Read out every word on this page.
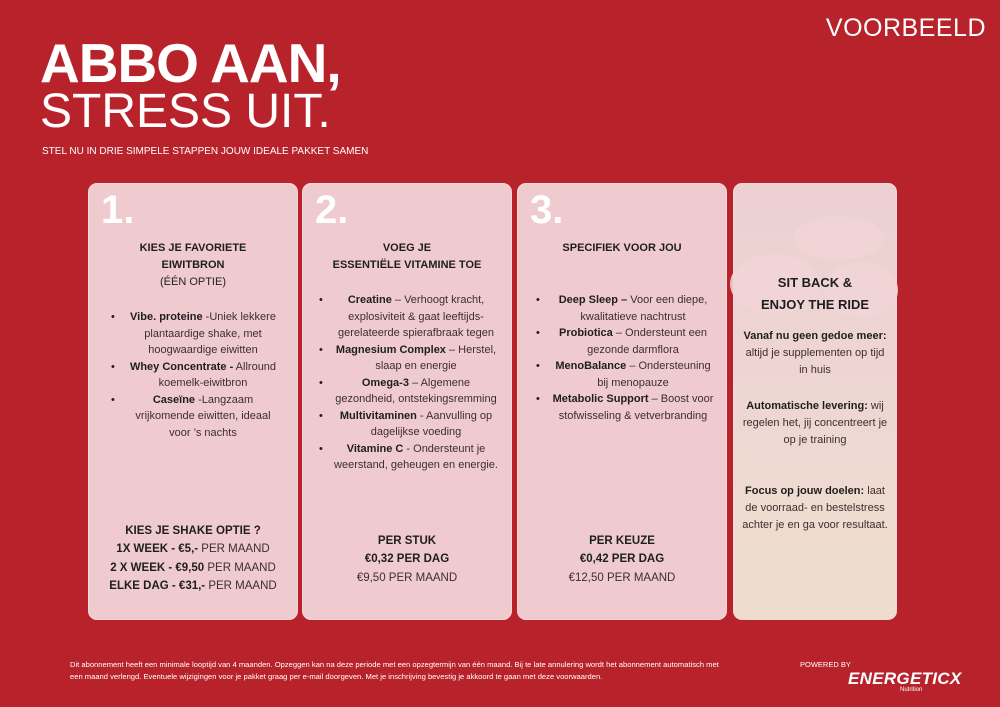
VOORBEELD
ABBO AAN,
STRESS UIT.
STEL NU IN DRIE SIMPELE STAPPEN JOUW IDEALE PAKKET SAMEN
1.
KIES JE FAVORIETE
EIWITBRON
(ÉÉN OPTIE)
• Vibe. proteine -Uniek lekkere plantaardige shake, met hoogwaardige eiwitten
• Whey Concentrate - Allround koemelk-eiwitbron
• Caseïne -Langzaam vrijkomende eiwitten, ideaal voor ’s nachts
KIES JE SHAKE OPTIE ?
1X WEEK - €5,- PER MAAND
2 X WEEK - €9,50 PER MAAND
ELKE DAG - €31,- PER MAAND
2.
VOEG JE
ESSENTIËLE VITAMINE TOE
• Creatine – Verhoogt kracht, explosiviteit & gaat leeftijds-gerelateerde spierafbraak tegen
• Magnesium Complex – Herstel, slaap en energie
• Omega-3 – Algemene gezondheid, ontstekingsremming
• Multivitaminen - Aanvulling op dagelijkse voeding
• Vitamine C - Ondersteunt je weerstand, geheugen en energie.
PER STUK
€0,32 PER DAG
€9,50 PER MAAND
3.
SPECIFIEK VOOR JOU
• Deep Sleep – Voor een diepe, kwalitatieve nachtrust
• Probiotica – Ondersteunt een gezonde darmflora
• MenoBalance – Ondersteuning bij menopauze
• Metabolic Support – Boost voor stofwisseling & vetverbranding
PER KEUZE
€0,42 PER DAG
€12,50 PER MAAND
SIT BACK &
ENJOY THE RIDE
Vanaf nu geen gedoe meer: altijd je supplementen op tijd in huis
Automatische levering: wij regelen het, jij concentreert je op je training
Focus op jouw doelen: laat de voorraad- en bestelstress achter je en ga voor resultaat.
Dit abonnement heeft een minimale looptijd van 4 maanden. Opzeggen kan na deze periode met een opzegtermijn van één maand. Bij te late annulering wordt het abonnement automatisch met een maand verlengd. Eventuele wijzigingen voor je pakket graag per e-mail doorgeven. Met je inschrijving bevestig je akkoord te gaan met deze voorwaarden.
POWERED BY
ENERGETICX
Nutrition
